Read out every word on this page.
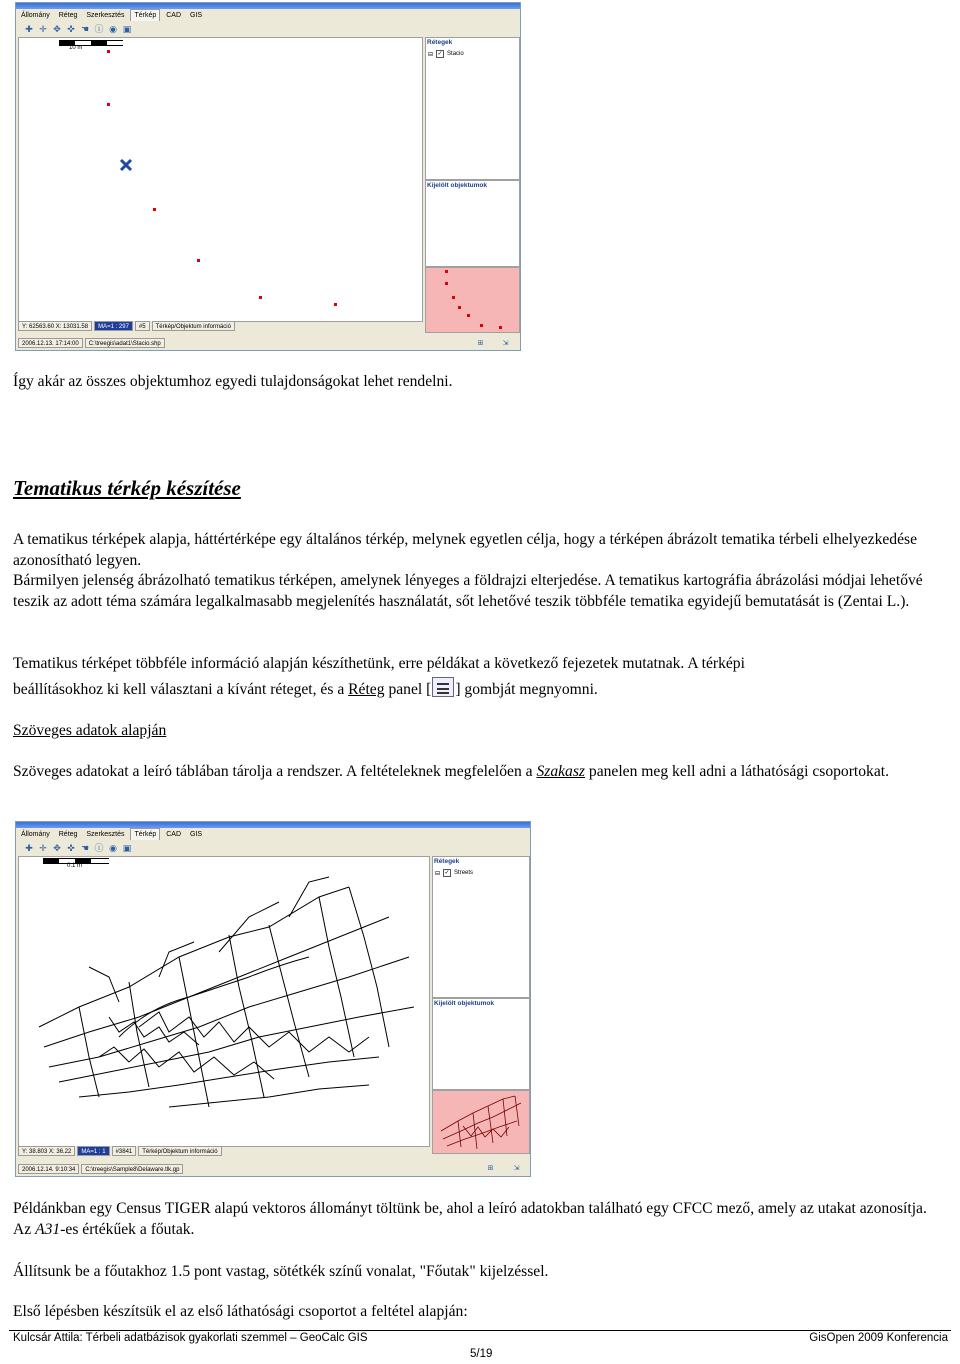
Állomány Réteg Szerkesztés Térkép CAD GIS
✚ ✛ ✥ ✜ ☚ ⓘ ◉ ▣
10 m
Rétegek
⊟ ✓ Stacio
Kijelölt objektumok
Y: 62563.60 X: 13031.58	MA=1 : 297	#5	Térkép/Objektum információ
2006.12.13. 17:14:00	C:\treegis\adat1\Stacio.shp	⊞	⇲
Így akár az összes objektumhoz egyedi tulajdonságokat lehet rendelni.
Tematikus térkép készítése
A tematikus térképek alapja, háttértérképe egy általános térkép, melynek egyetlen célja, hogy a térképen ábrázolt tematika térbeli elhelyezkedése azonosítható legyen.
Bármilyen jelenség ábrázolható tematikus térképen, amelynek lényeges a földrajzi elterjedése. A tematikus kartográfia ábrázolási módjai lehetővé teszik az adott téma számára legalkalmasabb megjelenítés használatát, sőt lehetővé teszik többféle tematika egyidejű bemutatását is (Zentai L.).
Tematikus térképet többféle információ alapján készíthetünk, erre példákat a következő fejezetek mutatnak. A térképi
beállításokhoz ki kell választani a kívánt réteget, és a Réteg panel [ ] gombját megnyomni.
Szöveges adatok alapján
Szöveges adatokat a leíró táblában tárolja a rendszer. A feltételeknek megfelelően a Szakasz panelen meg kell adni a láthatósági csoportokat.
Állomány Réteg Szerkesztés Térkép CAD GIS
✚ ✛ ✥ ✜ ☚ ⓘ ◉ ▣
0.1 m
Rétegek
⊟ ✓ Streets
Kijelölt objektumok
Y: 38.803 X: 36.22	MA=1 : 1	#3841	Térkép/Objektum információ
2006.12.14. 9:10:34	C:\treegis\Sample8\Delaware.tlk.gp	⊞	⇲
Példánkban egy Census TIGER alapú vektoros állományt töltünk be, ahol a leíró adatokban található egy CFCC mező, amely az utakat azonosítja. Az A31-es értékűek a főutak.
Állítsunk be a főutakhoz 1.5 pont vastag, sötétkék színű vonalat, "Főutak" kijelzéssel.
Első lépésben készítsük el az első láthatósági csoportot a feltétel alapján:
Kulcsár Attila: Térbeli adatbázisok gyakorlati szemmel – GeoCalc GIS	GisOpen 2009 Konferencia
5/19
